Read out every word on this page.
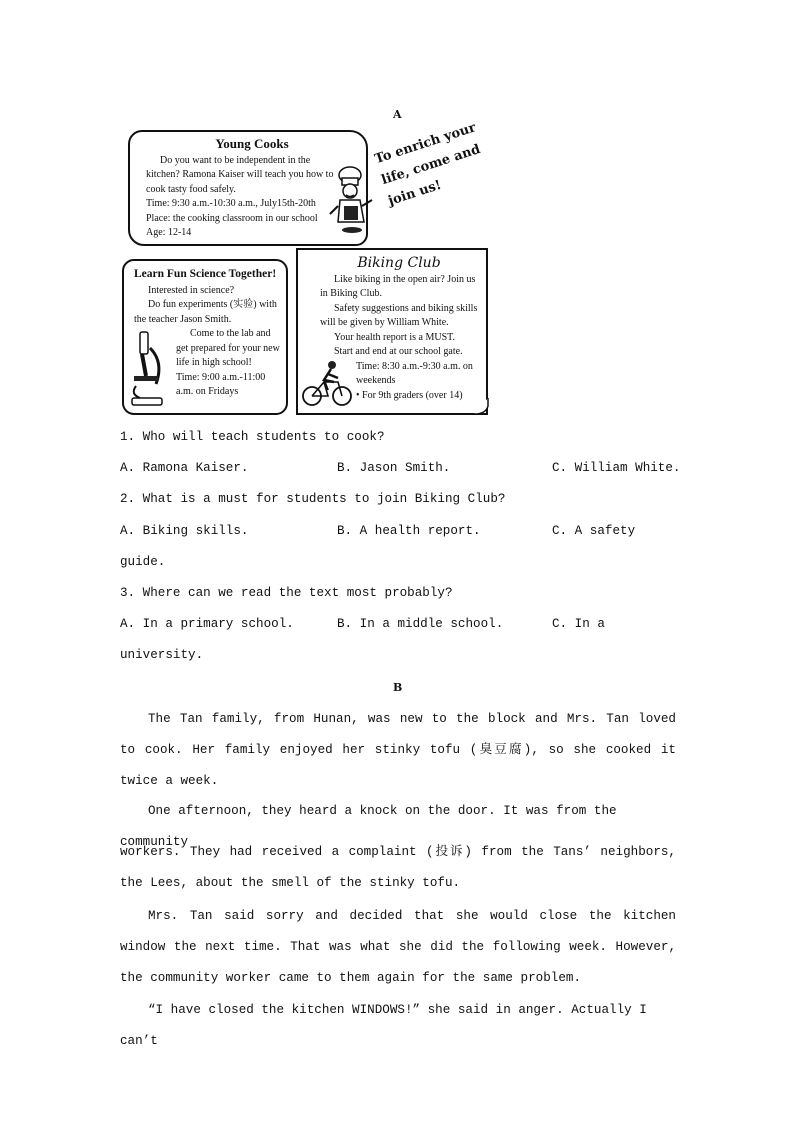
A
Young Cooks

Do you want to be independent in the kitchen? Ramona Kaiser will teach you how to cook tasty food safely.

Time: 9:30 a.m.-10:30 a.m., July15th-20th

Place: the cooking classroom in our school

Age: 12-14

To enrich your life, come and join us!
Learn Fun Science Together!

Interested in science?

Do fun experiments (实验) with the teacher Jason Smith.

Come to the lab and get prepared for your new life in high school!

Time: 9:00 a.m.-11:00 a.m. on Fridays

Biking Club

Like biking in the open air? Join us in Biking Club.

Safety suggestions and biking skills will be given by William White.

Your health report is a MUST.

Start and end at our school gate.

Time: 8:30 a.m.-9:30 a.m. on weekends

• For 9th graders (over 14)

1. Who will teach students to cook?
A. Ramona Kaiser.	B. Jason Smith.	C. William White.
2. What is a must for students to join Biking Club?
A. Biking skills.	B. A health report.	C. A safety
guide.
3. Where can we read the text most probably?
A. In a primary school.	B. In a middle school.	C. In a
university.
B
The Tan family, from Hunan, was new to the block and Mrs. Tan loved to cook. Her family enjoyed her stinky tofu (臭豆腐), so she cooked it twice a week.
One afternoon, they heard a knock on the door. It was from the community
workers. They had received a complaint (投诉) from the Tans’ neighbors, the Lees, about the smell of the stinky tofu.
Mrs. Tan said sorry and decided that she would close the kitchen window the next time. That was what she did the following week. However, the community worker came to them again for the same problem.
“I have closed the kitchen WINDOWS!” she said in anger. Actually I can’t
